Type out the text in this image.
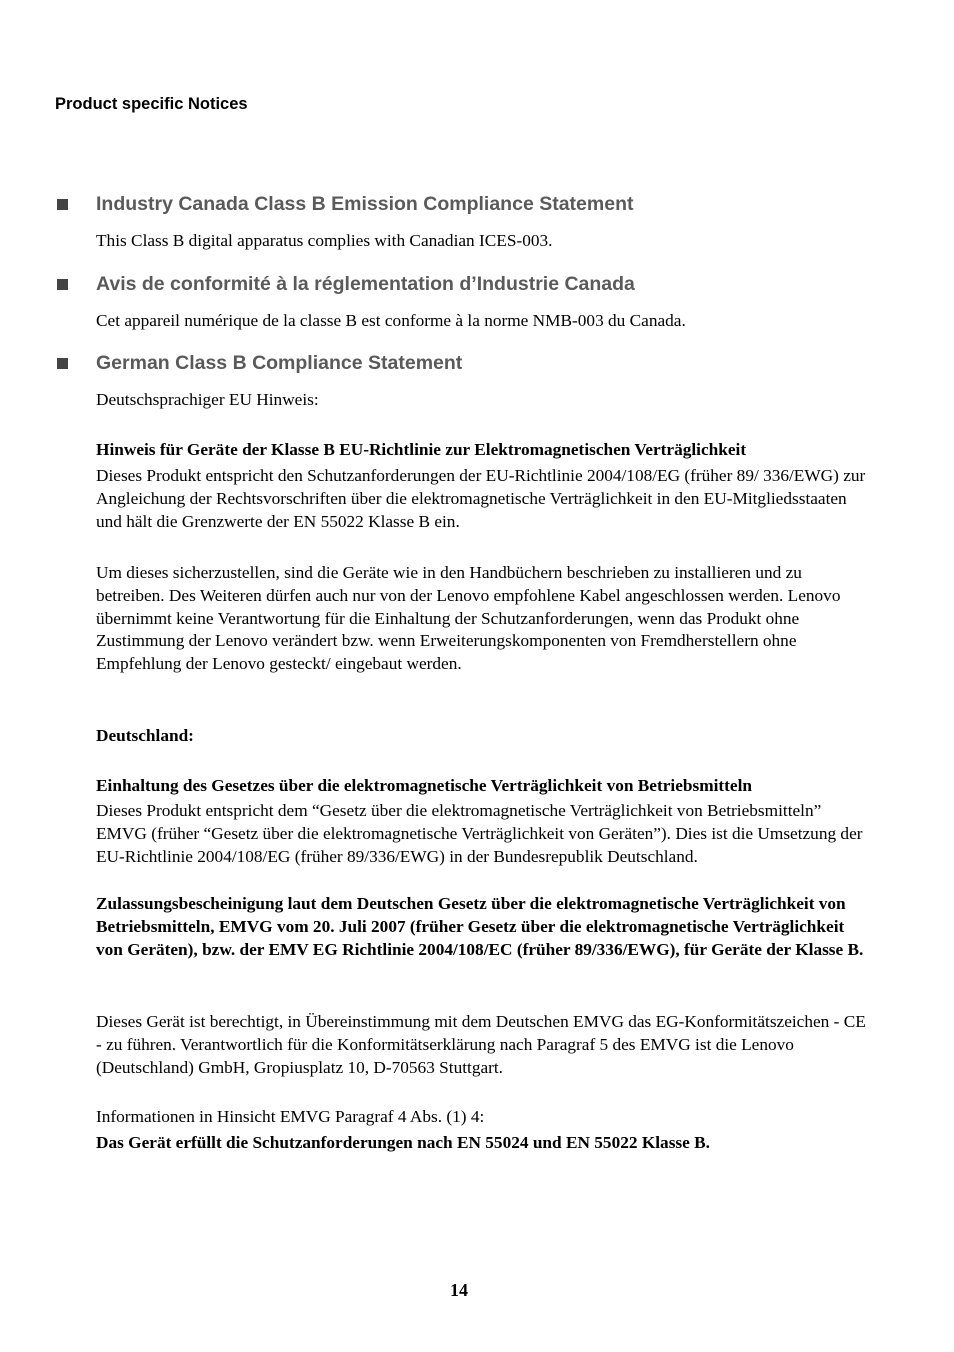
Product specific Notices
Industry Canada Class B Emission Compliance Statement

This Class B digital apparatus complies with Canadian ICES-003.

Avis de conformité à la réglementation d’Industrie Canada

Cet appareil numérique de la classe B est conforme à la norme NMB-003 du Canada.

German Class B Compliance Statement

Deutschsprachiger EU Hinweis:

Hinweis für Geräte der Klasse B EU-Richtlinie zur Elektromagnetischen Verträglichkeit

Dieses Produkt entspricht den Schutzanforderungen der EU-Richtlinie 2004/108/EG (früher 89/ 336/EWG) zur Angleichung der Rechtsvorschriften über die elektromagnetische Verträglichkeit in den EU-Mitgliedsstaaten und hält die Grenzwerte der EN 55022 Klasse B ein.

Um dieses sicherzustellen, sind die Geräte wie in den Handbüchern beschrieben zu installieren und zu betreiben. Des Weiteren dürfen auch nur von der Lenovo empfohlene Kabel angeschlossen werden. Lenovo übernimmt keine Verantwortung für die Einhaltung der Schutzanforderungen, wenn das Produkt ohne Zustimmung der Lenovo verändert bzw. wenn Erweiterungskomponenten von Fremdherstellern ohne Empfehlung der Lenovo gesteckt/ eingebaut werden.

Deutschland:

Einhaltung des Gesetzes über die elektromagnetische Verträglichkeit von Betriebsmitteln

Dieses Produkt entspricht dem “Gesetz über die elektromagnetische Verträglichkeit von Betriebsmitteln” EMVG (früher “Gesetz über die elektromagnetische Verträglichkeit von Geräten”). Dies ist die Umsetzung der EU-Richtlinie 2004/108/EG (früher 89/336/EWG) in der Bundesrepublik Deutschland.

Zulassungsbescheinigung laut dem Deutschen Gesetz über die elektromagnetische Verträglichkeit von Betriebsmitteln, EMVG vom 20. Juli 2007 (früher Gesetz über die elektromagnetische Verträglichkeit von Geräten), bzw. der EMV EG Richtlinie 2004/108/EC (früher 89/336/EWG), für Geräte der Klasse B.

Dieses Gerät ist berechtigt, in Übereinstimmung mit dem Deutschen EMVG das EG-Konformitätszeichen - CE - zu führen. Verantwortlich für die Konformitätserklärung nach Paragraf 5 des EMVG ist die Lenovo (Deutschland) GmbH, Gropiusplatz 10, D-70563 Stuttgart.

Informationen in Hinsicht EMVG Paragraf 4 Abs. (1) 4:

Das Gerät erfüllt die Schutzanforderungen nach EN 55024 und EN 55022 Klasse B.

14
